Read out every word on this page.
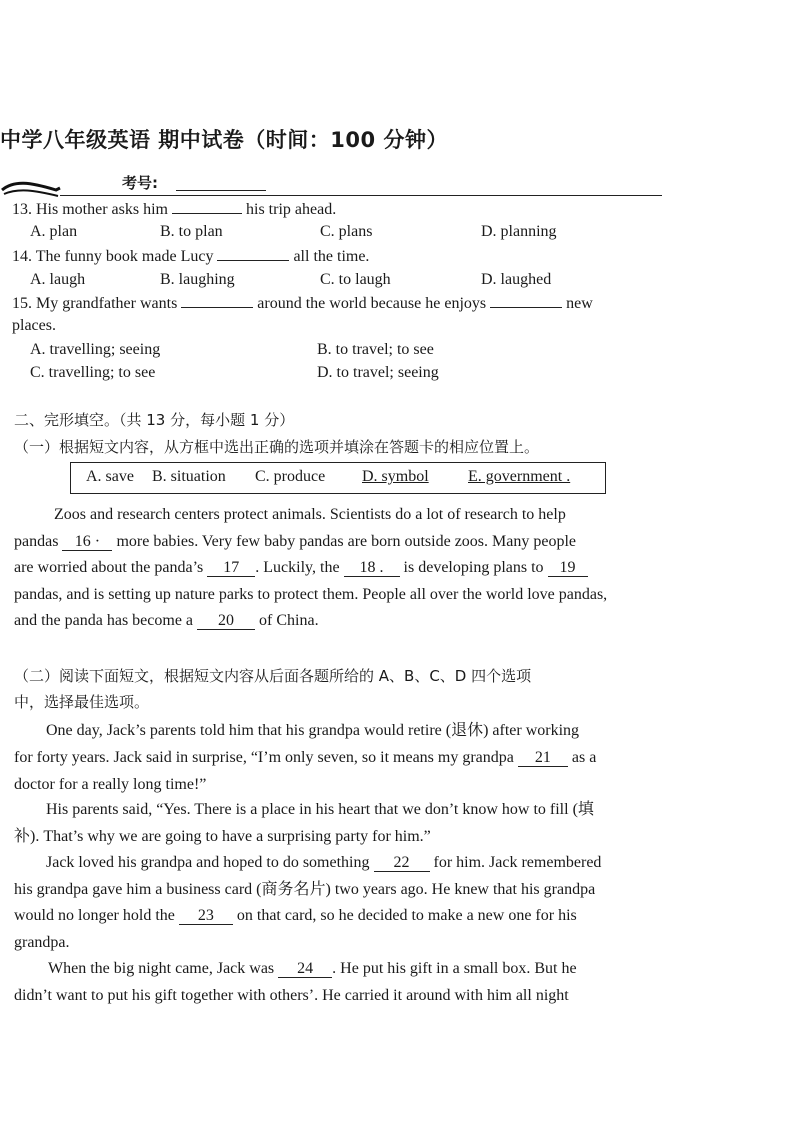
中学八年级英语 期中试卷（时间：100 分钟）
考号:
13. His mother asks him	his trip ahead.
A. plan	B. to plan	C. plans	D. planning
14. The funny book made Lucy	all the time.
A. laugh	B. laughing	C. to laugh	D. laughed
15. My grandfather wants	around the world because he enjoys	new
places.
A. travelling; seeing	B. to travel; to see
C. travelling; to see	D. to travel; seeing
二、完形填空。（共 13 分，每小题 1 分）
（一）根据短文内容，从方框中选出正确的选项并填涂在答题卡的相应位置上。
A. save B. situation C. produce D. symbol E. government .
Zoos and research centers protect animals. Scientists do a lot of research to help
pandas 16 · more babies. Very few baby pandas are born outside zoos. Many people
are worried about the panda’s 17 . Luckily, the 18 . is developing plans to 19
pandas, and is setting up nature parks to protect them. People all over the world love pandas,
and the panda has become a 20 of China.
（二）阅读下面短文，根据短文内容从后面各题所给的 A、B、C、D 四个选项
中，选择最佳选项。
One day, Jack’s parents told him that his grandpa would retire (退休) after working
for forty years. Jack said in surprise, “I’m only seven, so it means my grandpa 21 as a
doctor for a really long time!”
His parents said, “Yes. There is a place in his heart that we don’t know how to fill (填
补). That’s why we are going to have a surprising party for him.”
Jack loved his grandpa and hoped to do something 22 for him. Jack remembered
his grandpa gave him a business card (商务名片) two years ago. He knew that his grandpa
would no longer hold the 23 on that card, so he decided to make a new one for his
grandpa.
When the big night came, Jack was 24 . He put his gift in a small box. But he
didn’t want to put his gift together with others’. He carried it around with him all night
